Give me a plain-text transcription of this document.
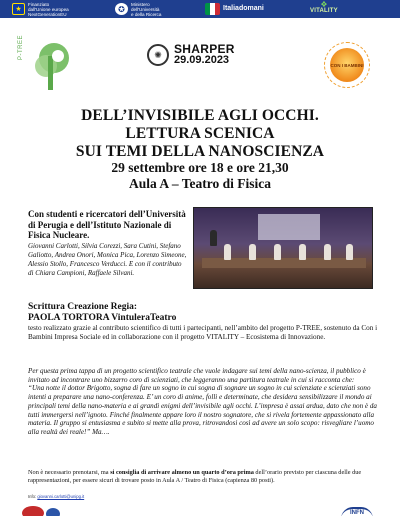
★
Finanziato
dall'Unione europea
NextGenerationEU
✪
Ministero
dell'Università
e della Ricerca
Italiadomani	❖
VITALITY
P-TREE	✺	SHARPER
29.09.2023	CON I BAMBINI
DELL’INVISIBILE AGLI OCCHI.
LETTURA SCENICA
SUI TEMI DELLA NANOSCIENZA
29 settembre ore 18 e ore 21,30
Aula A – Teatro di Fisica
Con studenti e ricercatori dell’Università di Perugia e dell’Istituto Nazionale di Fisica Nucleare.
Giovanni Carlotti, Silvia Corezzi, Sara Cutini, Stefano Galiotto, Andrea Onori, Monica Pica, Lorenzo Simeone, Alessio Stollo, Francesco Verducci. E con il contributo di Chiara Campioni, Raffaele Silvani.
Scrittura Creazione Regia:
PAOLA TORTORA VintuleraTeatro
testo realizzato grazie al contributo scientifico di tutti i partecipanti, nell’ambito del progetto P-TREE, sostenuto da Con i Bambini Impresa Sociale ed in collaborazione con il progetto VITALITY – Ecosistema di Innovazione.
Per questa prima tappa di un progetto scientifico teatrale che vuole indagare sui temi della nano-scienza, il pubblico è invitato ad incontrare uno bizzarro coro di scienziati, che leggeranno una partitura teatrale in cui si racconta che:
“Una notte il dottor Brigotto, sogna di fare un sogno in cui sogna di sognare un sogno in cui scienziate e scienziati sono intenti a preparare una nano-conferenza. E’ un coro di anime, folli e determinate, che desidera sensibilizzare il mondo ai principali temi della nano-materia e ai grandi enigmi dell’invisibile agli occhi. L’impresa è assai ardua, dato che non è da tutti immergersi nell’ignoto. Finché finalmente appare loro il nostro sognatore, che si rivela fortemente appassionato alla materia. Il gruppo si entusiasma e subito si mette alla prova, ritrovandosi così ad avere un solo scopo: risvegliare l’uomo alla realtà dei reale!” Ma….
Non è necessario prenotarsi, ma si consiglia di arrivare almeno un quarto d’ora prima dell’orario previsto per ciascuna delle due rappresentazioni, per essere sicuri di trovare posto in Aula A / Teatro di Fisica (capienza 80 posti).
Info: giovanni.carlotti@unipg.it
INFN
